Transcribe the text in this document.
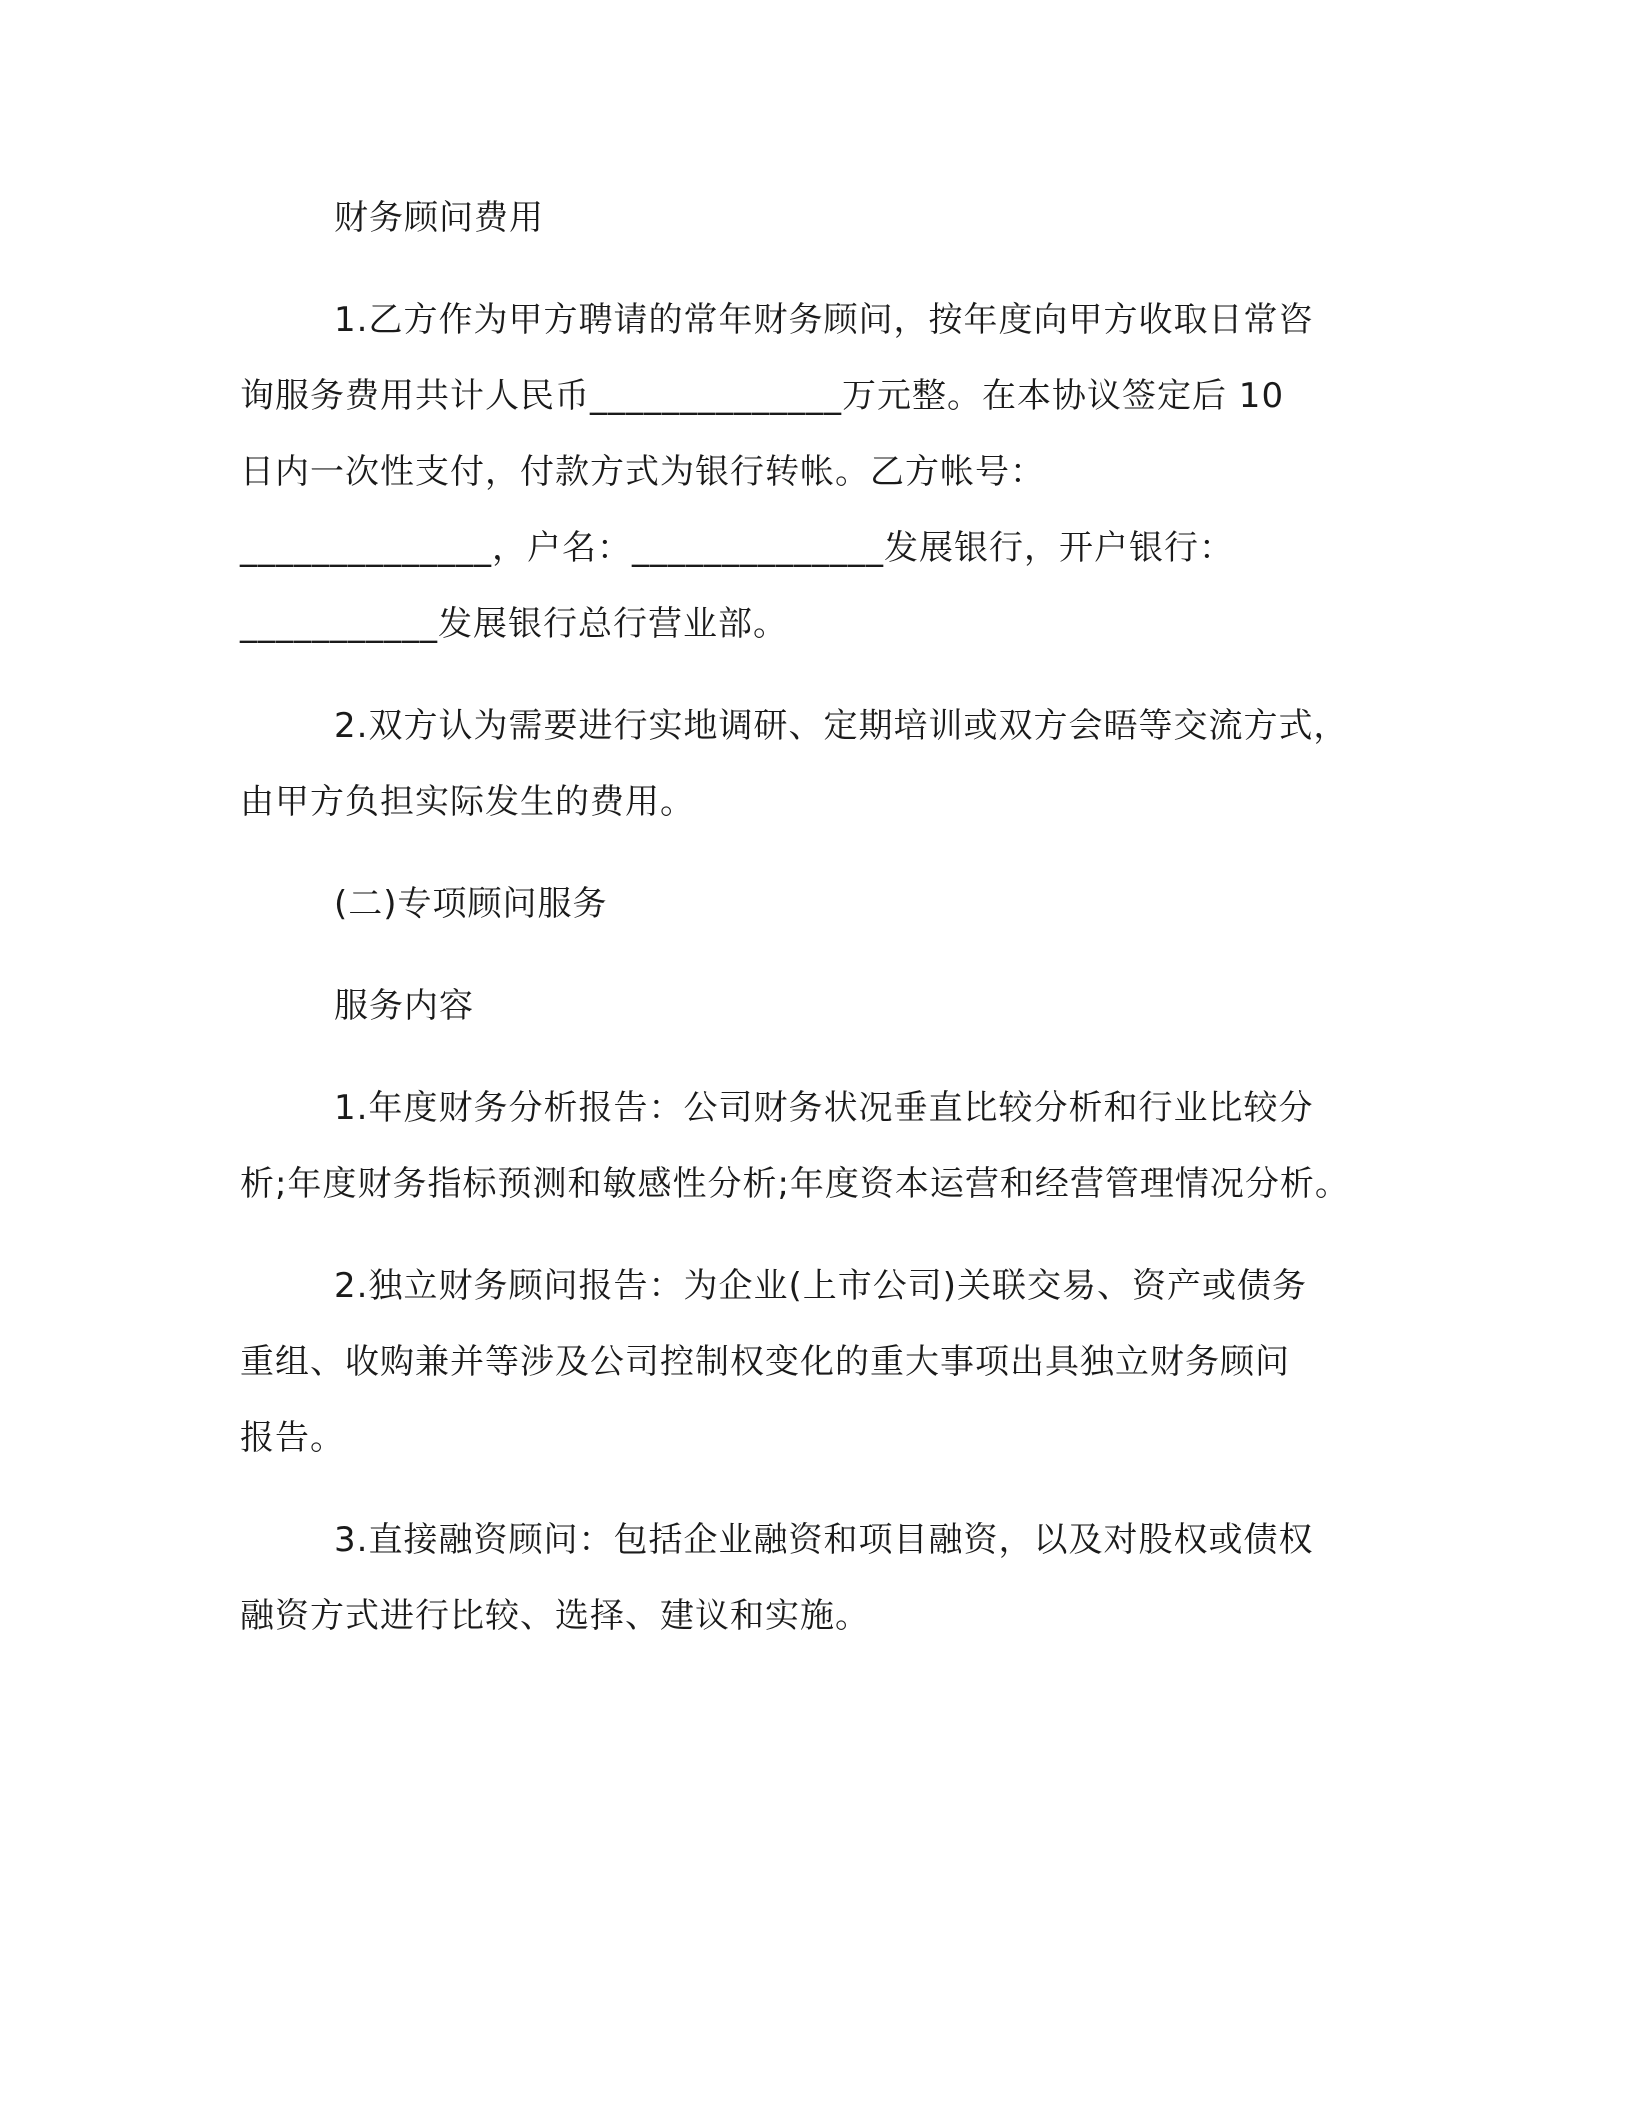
财务顾问费用
1.乙方作为甲方聘请的常年财务顾问，按年度向甲方收取日常咨
询服务费用共计人民币______________万元整。在本协议签定后 10
日内一次性支付，付款方式为银行转帐。乙方帐号：
______________，户名：______________发展银行，开户银行：
___________发展银行总行营业部。
2.双方认为需要进行实地调研、定期培训或双方会晤等交流方式，
由甲方负担实际发生的费用。
(二)专项顾问服务
服务内容
1.年度财务分析报告：公司财务状况垂直比较分析和行业比较分
析;年度财务指标预测和敏感性分析;年度资本运营和经营管理情况分析。
2.独立财务顾问报告：为企业(上市公司)关联交易、资产或债务
重组、收购兼并等涉及公司控制权变化的重大事项出具独立财务顾问
报告。
3.直接融资顾问：包括企业融资和项目融资，以及对股权或债权
融资方式进行比较、选择、建议和实施。
